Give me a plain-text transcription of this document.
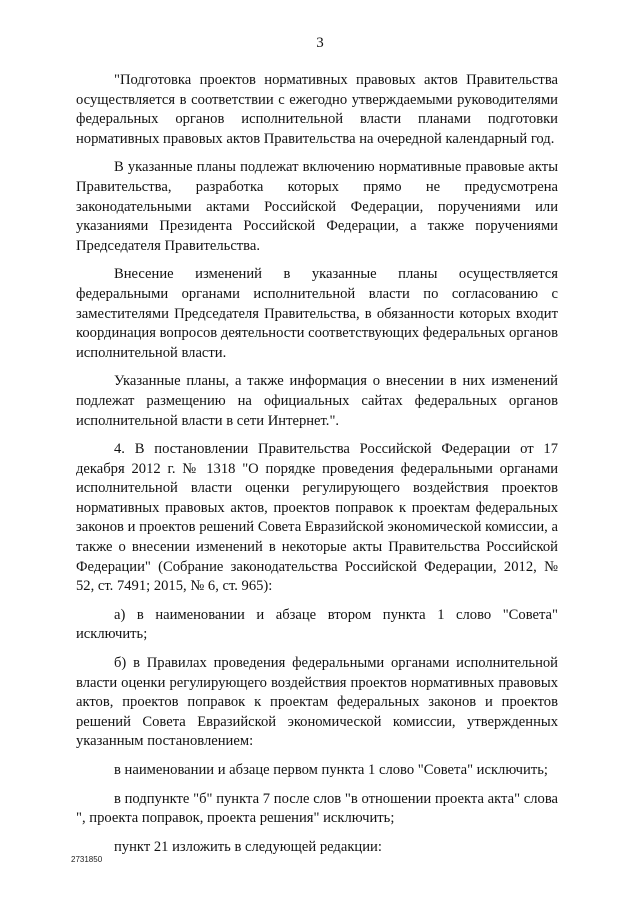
3

"Подготовка проектов нормативных правовых актов Правительства осуществляется в соответствии с ежегодно утверждаемыми руководителями федеральных органов исполнительной власти планами подготовки нормативных правовых актов Правительства на очередной календарный год.

В указанные планы подлежат включению нормативные правовые акты Правительства, разработка которых прямо не предусмотрена законодательными актами Российской Федерации, поручениями или указаниями Президента Российской Федерации, а также поручениями Председателя Правительства.

Внесение изменений в указанные планы осуществляется федеральными органами исполнительной власти по согласованию с заместителями Председателя Правительства, в обязанности которых входит координация вопросов деятельности соответствующих федеральных органов исполнительной власти.

Указанные планы, а также информация о внесении в них изменений подлежат размещению на официальных сайтах федеральных органов исполнительной власти в сети Интернет.".

4. В постановлении Правительства Российской Федерации от 17 декабря 2012 г. № 1318 "О порядке проведения федеральными органами исполнительной власти оценки регулирующего воздействия проектов нормативных правовых актов, проектов поправок к проектам федеральных законов и проектов решений Совета Евразийской экономической комиссии, а также о внесении изменений в некоторые акты Правительства Российской Федерации" (Собрание законодательства Российской Федерации, 2012, № 52, ст. 7491; 2015, № 6, ст. 965):

а) в наименовании и абзаце втором пункта 1 слово "Совета" исключить;

б) в Правилах проведения федеральными органами исполнительной власти оценки регулирующего воздействия проектов нормативных правовых актов, проектов поправок к проектам федеральных законов и проектов решений Совета Евразийской экономической комиссии, утвержденных указанным постановлением:

в наименовании и абзаце первом пункта 1 слово "Совета" исключить;

в подпункте "б" пункта 7 после слов "в отношении проекта акта" слова ", проекта поправок, проекта решения" исключить;

пункт 21 изложить в следующей редакции:

2731850
